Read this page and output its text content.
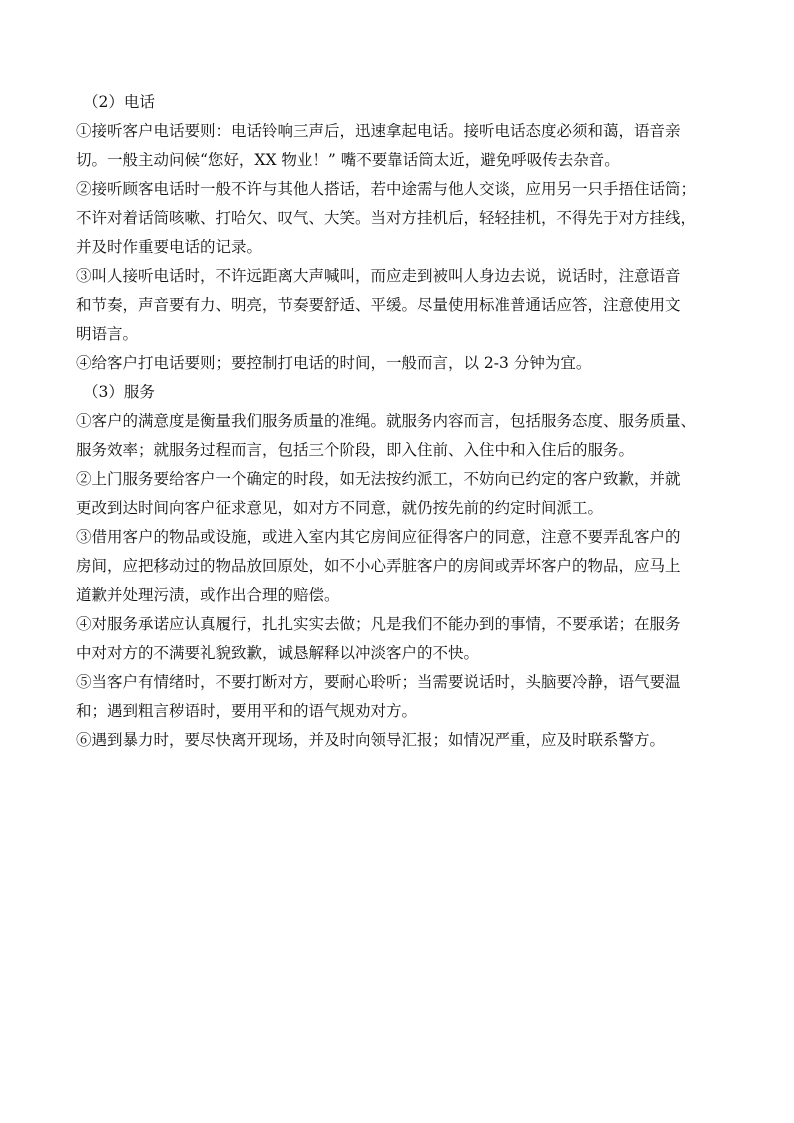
（2）电话

①接听客户电话要则：电话铃响三声后，迅速拿起电话。接听电话态度必须和蔼，语音亲
切。一般主动问候“您好，XX 物业！” 嘴不要靠话筒太近，避免呼吸传去杂音。

②接听顾客电话时一般不许与其他人搭话，若中途需与他人交谈，应用另一只手捂住话筒；
不许对着话筒咳嗽、打哈欠、叹气、大笑。当对方挂机后，轻轻挂机，不得先于对方挂线，
并及时作重要电话的记录。

③叫人接听电话时，不许远距离大声喊叫，而应走到被叫人身边去说，说话时，注意语音
和节奏，声音要有力、明亮，节奏要舒适、平缓。尽量使用标准普通话应答，注意使用文
明语言。

④给客户打电话要则；要控制打电话的时间，一般而言，以 2-3 分钟为宜。

（3）服务

①客户的满意度是衡量我们服务质量的准绳。就服务内容而言，包括服务态度、服务质量、
服务效率；就服务过程而言，包括三个阶段，即入住前、入住中和入住后的服务。

②上门服务要给客户一个确定的时段，如无法按约派工，不妨向已约定的客户致歉，并就
更改到达时间向客户征求意见，如对方不同意，就仍按先前的约定时间派工。

③借用客户的物品或设施，或进入室内其它房间应征得客户的同意，注意不要弄乱客户的
房间，应把移动过的物品放回原处，如不小心弄脏客户的房间或弄坏客户的物品，应马上
道歉并处理污渍，或作出合理的赔偿。

④对服务承诺应认真履行，扎扎实实去做；凡是我们不能办到的事情，不要承诺；在服务
中对对方的不满要礼貌致歉，诚恳解释以冲淡客户的不快。

⑤当客户有情绪时，不要打断对方，要耐心聆听；当需要说话时，头脑要冷静，语气要温
和；遇到粗言秽语时，要用平和的语气规劝对方。

⑥遇到暴力时，要尽快离开现场，并及时向领导汇报；如情况严重，应及时联系警方。
